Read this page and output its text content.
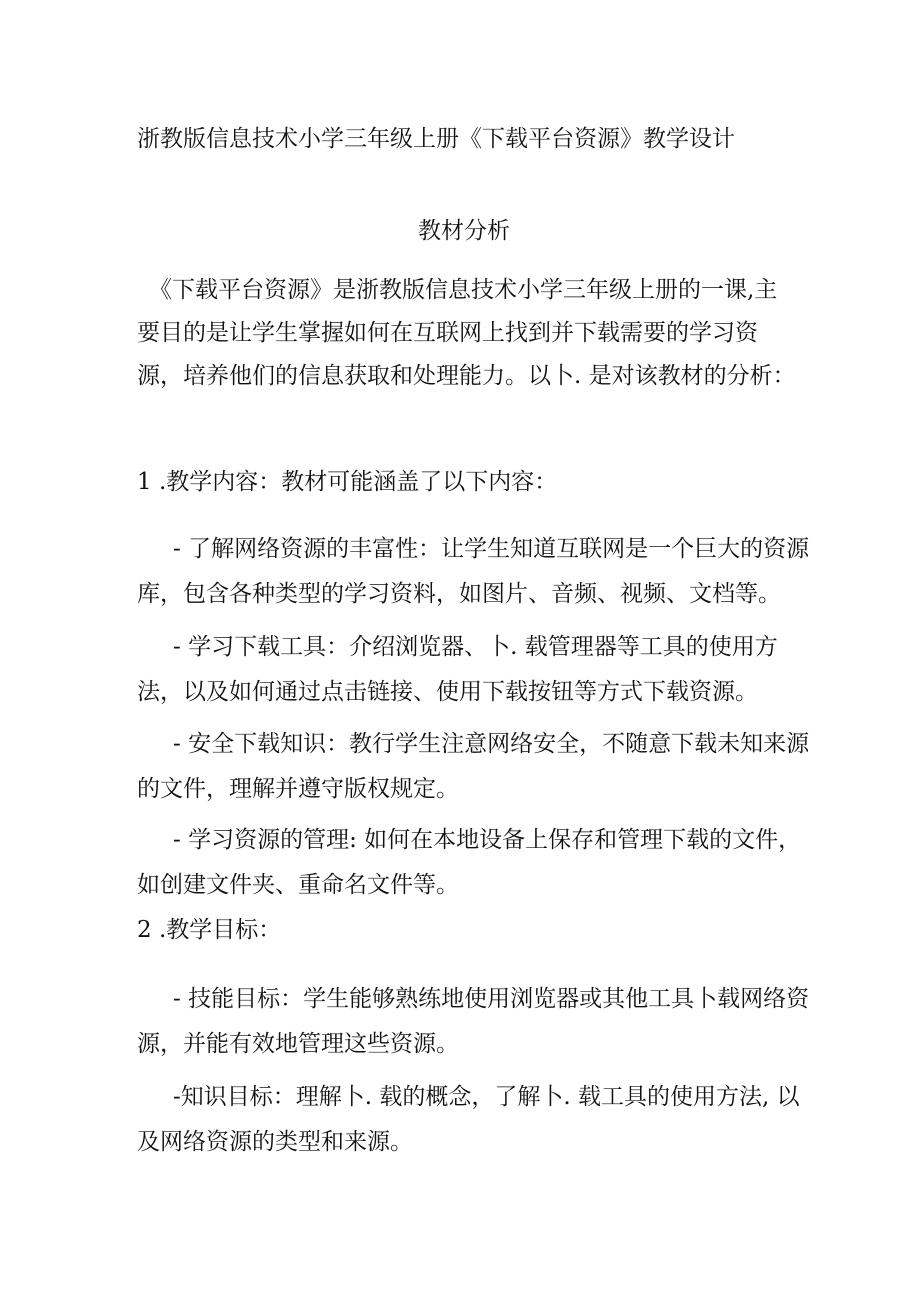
浙教版信息技术小学三年级上册《下载平台资源》教学设计
教材分析

《下载平台资源》是浙教版信息技术小学三年级上册的一课,主要目的是让学生掌握如何在互联网上找到并下载需要的学习资源，培养他们的信息获取和处理能力。以卜. 是对该教材的分析：

1 .教学内容：教材可能涵盖了以下内容：
- 了解网络资源的丰富性：让学生知道互联网是一个巨大的资源库，包含各种类型的学习资料，如图片、音频、视频、文档等。
- 学习下载工具：介绍浏览器、卜. 载管理器等工具的使用方法，以及如何通过点击链接、使用下载按钮等方式下载资源。
- 安全下载知识：教行学生注意网络安全，不随意下载未知来源的文件，理解并遵守版权规定。
- 学习资源的管理: 如何在本地设备上保存和管理下载的文件，如创建文件夹、重命名文件等。
2 .教学目标：
- 技能目标：学生能够熟练地使用浏览器或其他工具卜载网络资源，并能有效地管理这些资源。
-知识目标：理解卜. 载的概念，了解卜. 载工具的使用方法, 以及网络资源的类型和来源。
